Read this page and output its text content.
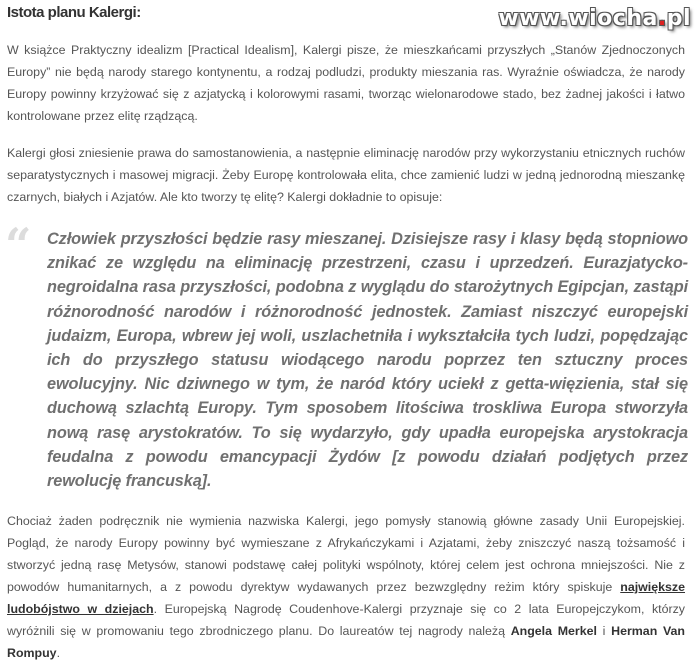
Istota planu Kalergi:	www.wiocha.pl

W książce Praktyczny idealizm [Practical Idealism], Kalergi pisze, że mieszkańcami przyszłych „Stanów Zjednoczonych Europy” nie będą narody starego kontynentu, a rodzaj podludzi, produkty mieszania ras. Wyraźnie oświadcza, że narody Europy powinny krzyżować się z azjatycką i kolorowymi rasami, tworząc wielonarodowe stado, bez żadnej jakości i łatwo kontrolowane przez elitę rządzącą.

Kalergi głosi zniesienie prawa do samostanowienia, a następnie eliminację narodów przy wykorzystaniu etnicznych ruchów separatystycznych i masowej migracji. Żeby Europę kontrolowała elita, chce zamienić ludzi w jedną jednorodną mieszankę czarnych, białych i Azjatów. Ale kto tworzy tę elitę? Kalergi dokładnie to opisuje:

“ Człowiek przyszłości będzie rasy mieszanej. Dzisiejsze rasy i klasy będą stopniowo znikać ze względu na eliminację przestrzeni, czasu i uprzedzeń. Eurazjatycko-negroidalna rasa przyszłości, podobna z wyglądu do starożytnych Egipcjan, zastąpi różnorodność narodów i różnorodność jednostek. Zamiast niszczyć europejski judaizm, Europa, wbrew jej woli, uszlachetniła i wykształciła tych ludzi, popędzając ich do przyszłego statusu wiodącego narodu poprzez ten sztuczny proces ewolucyjny. Nic dziwnego w tym, że naród który uciekł z getta-więzienia, stał się duchową szlachtą Europy. Tym sposobem litościwa troskliwa Europa stworzyła nową rasę arystokratów. To się wydarzyło, gdy upadła europejska arystokracja feudalna z powodu emancypacji Żydów [z powodu działań podjętych przez rewolucję francuską].

Chociaż żaden podręcznik nie wymienia nazwiska Kalergi, jego pomysły stanowią główne zasady Unii Europejskiej. Pogląd, że narody Europy powinny być wymieszane z Afrykańczykami i Azjatami, żeby zniszczyć naszą tożsamość i stworzyć jedną rasę Metysów, stanowi podstawę całej polityki wspólnoty, której celem jest ochrona mniejszości. Nie z powodów humanitarnych, a z powodu dyrektyw wydawanych przez bezwzględny reżim który spiskuje największe ludobójstwo w dziejach. Europejską Nagrodę Coudenhove-Kalergi przyznaje się co 2 lata Europejczykom, którzy wyróżnili się w promowaniu tego zbrodniczego planu. Do laureatów tej nagrody należą Angela Merkel i Herman Van Rompuy.
